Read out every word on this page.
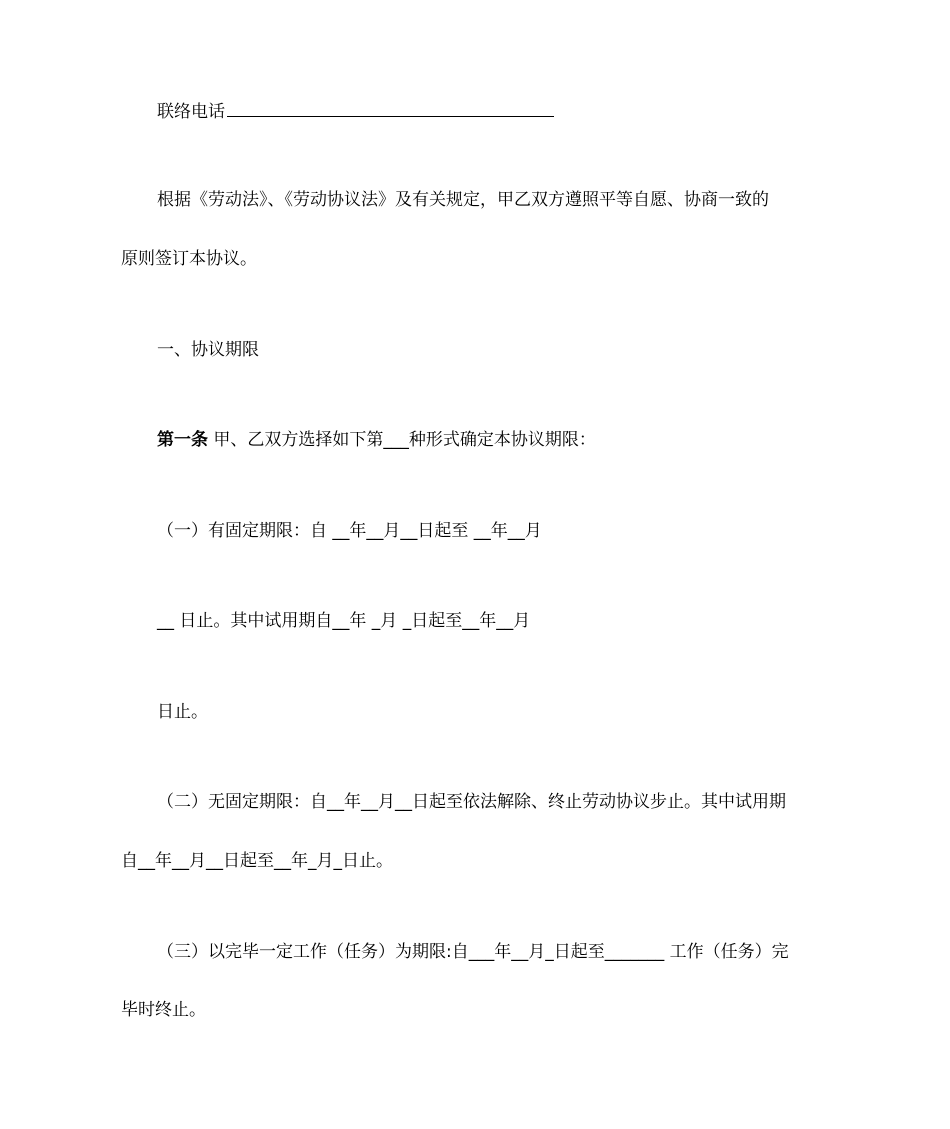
联络电话
根据《劳动法》、《劳动协议法》及有关规定，甲乙双方遵照平等自愿、协商一致的
原则签订本协议。
一、协议期限
第一条 甲、乙双方选择如下第___种形式确定本协议期限：
（一）有固定期限：自 __年__月__日起至 __年__月
__ 日止。其中试用期自__年 _月 _日起至__年__月
日止。
（二）无固定期限：自__年__月__日起至依法解除、终止劳动协议步止。其中试用期
自__年__月__日起至__年_月_日止。
（三）以完毕一定工作（任务）为期限:自___年__月_日起至_______ 工作（任务）完
毕时终止。
